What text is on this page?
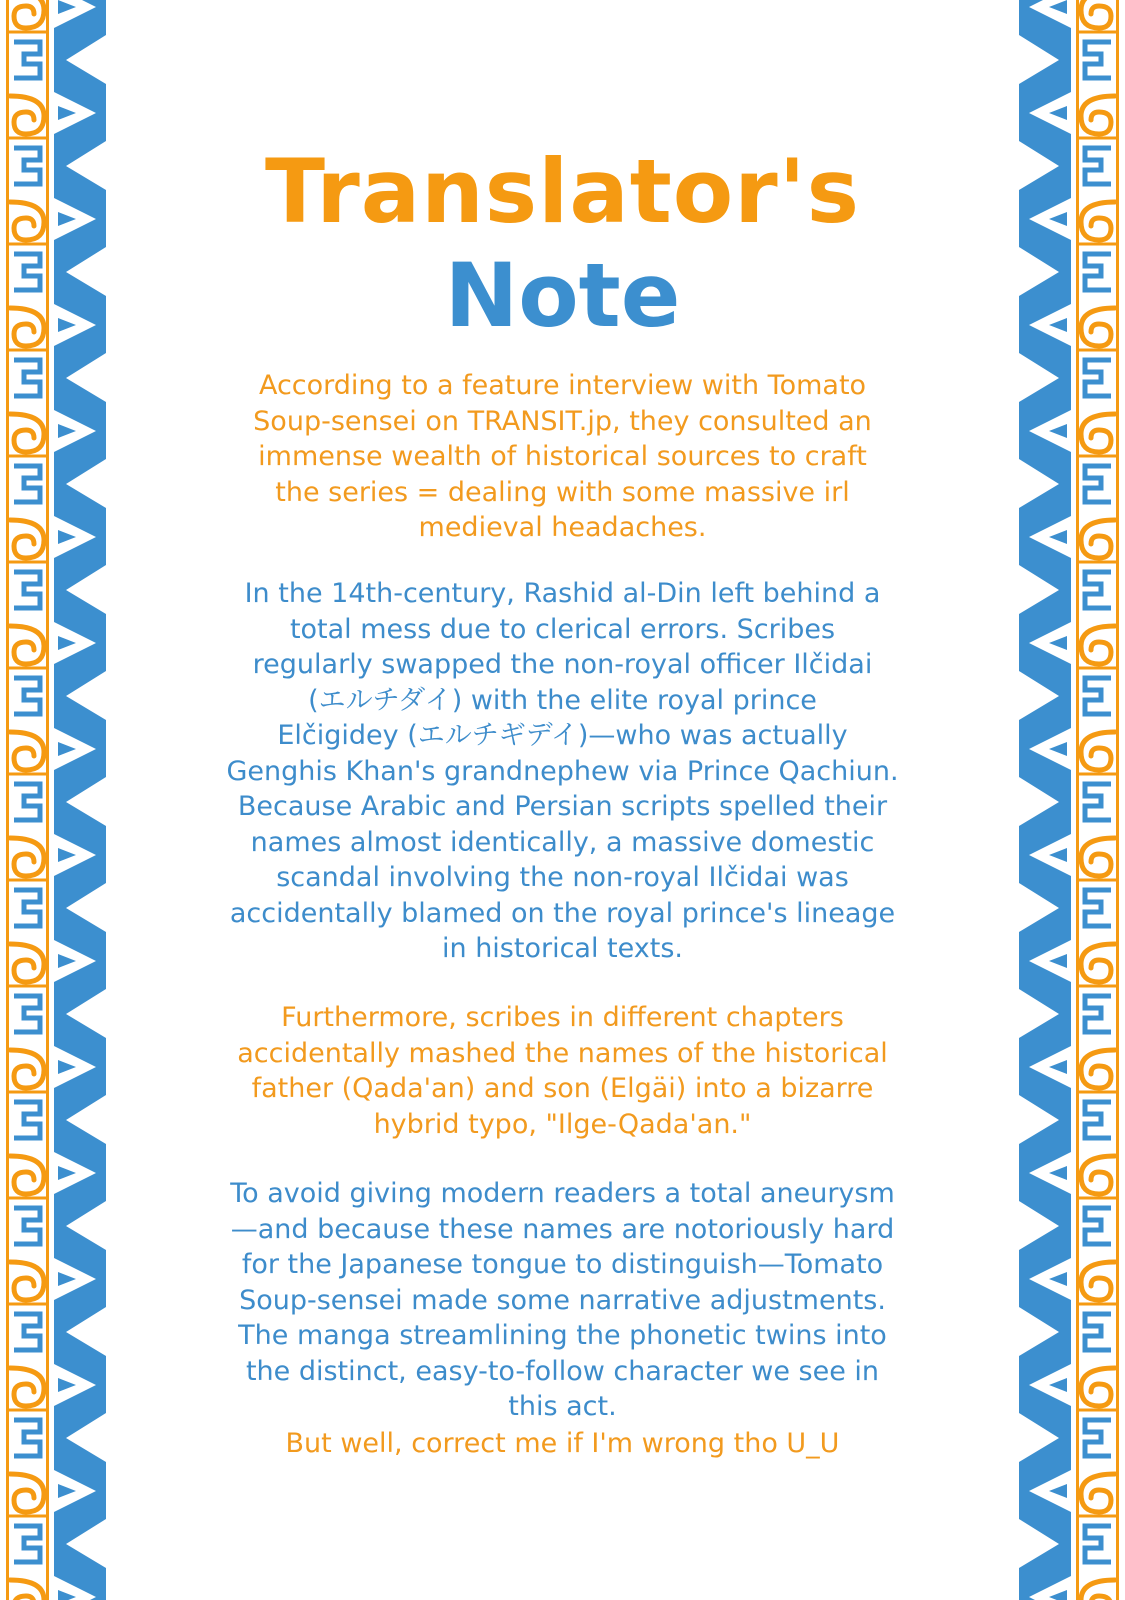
Translator's
Note

According to a feature interview with Tomato
Soup-sensei on TRANSIT.jp, they consulted an
immense wealth of historical sources to craft
the series = dealing with some massive irl
medieval headaches.

In the 14th-century, Rashid al-Din left behind a
total mess due to clerical errors. Scribes
regularly swapped the non-royal officer Ilčidai
(エルチダイ) with the elite royal prince
Elčigidey (エルチギデイ)—who was actually
Genghis Khan's grandnephew via Prince Qachiun.
Because Arabic and Persian scripts spelled their
names almost identically, a massive domestic
scandal involving the non-royal Ilčidai was
accidentally blamed on the royal prince's lineage
in historical texts.

Furthermore, scribes in different chapters
accidentally mashed the names of the historical
father (Qada'an) and son (Elgäi) into a bizarre
hybrid typo, "Ilge-Qada'an."

To avoid giving modern readers a total aneurysm
—and because these names are notoriously hard
for the Japanese tongue to distinguish—Tomato
Soup-sensei made some narrative adjustments.
The manga streamlining the phonetic twins into
the distinct, easy-to-follow character we see in
this act.

But well, correct me if I'm wrong tho U_U
